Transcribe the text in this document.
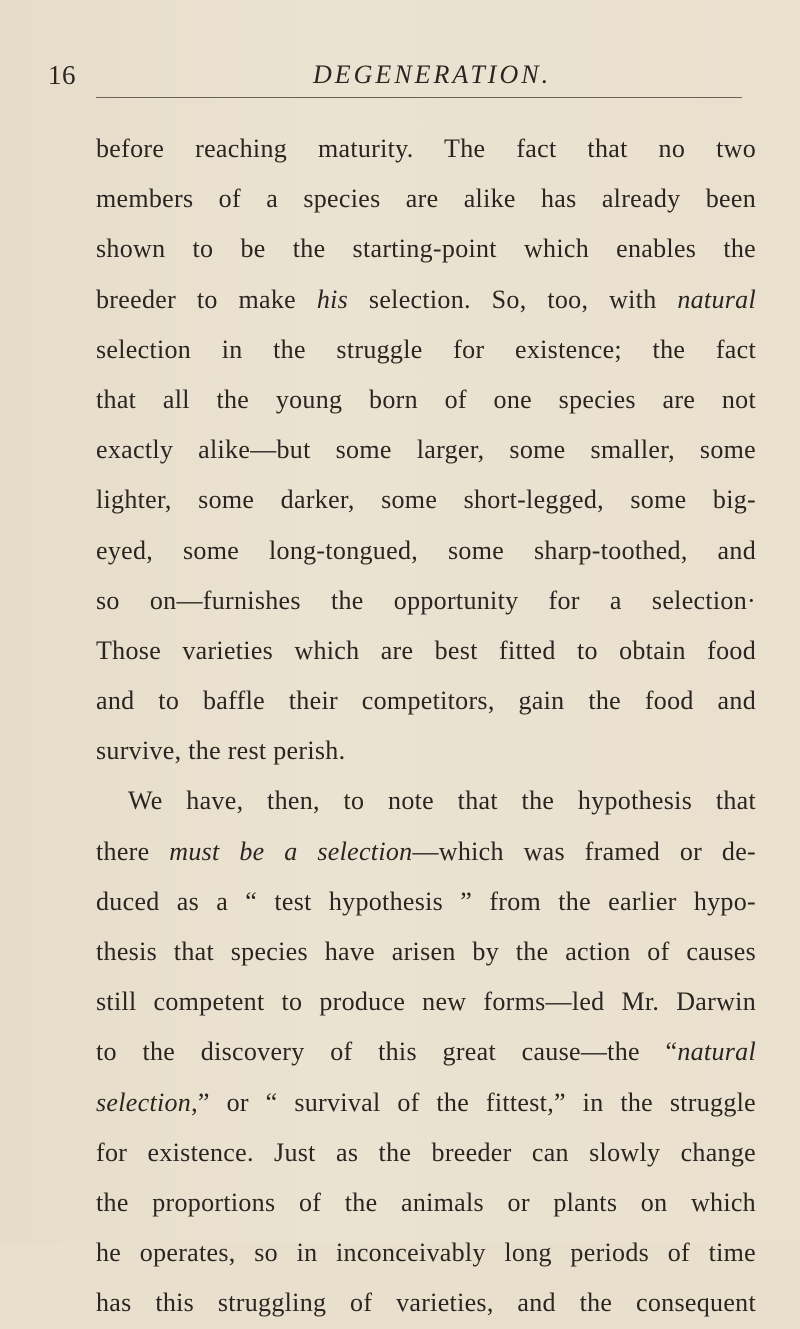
16	DEGENERATION.
before reaching maturity. The fact that no two
members of a species are alike has already been
shown to be the starting-point which enables the
breeder to make his selection. So, too, with natural
selection in the struggle for existence; the fact
that all the young born of one species are not
exactly alike—but some larger, some smaller, some
lighter, some darker, some short-legged, some big-
eyed, some long-tongued, some sharp-toothed, and
so on—furnishes the opportunity for a selection·
Those varieties which are best fitted to obtain food
and to baffle their competitors, gain the food and
survive, the rest perish.
We have, then, to note that the hypothesis that
there must be a selection—which was framed or de-
duced as a “ test hypothesis ” from the earlier hypo-
thesis that species have arisen by the action of causes
still competent to produce new forms—led Mr. Darwin
to the discovery of this great cause—the “natural
selection,” or “ survival of the fittest,” in the struggle
for existence. Just as the breeder can slowly change
the proportions of the animals or plants on which
he operates, so in inconceivably long periods of time
has this struggling of varieties, and the consequent
